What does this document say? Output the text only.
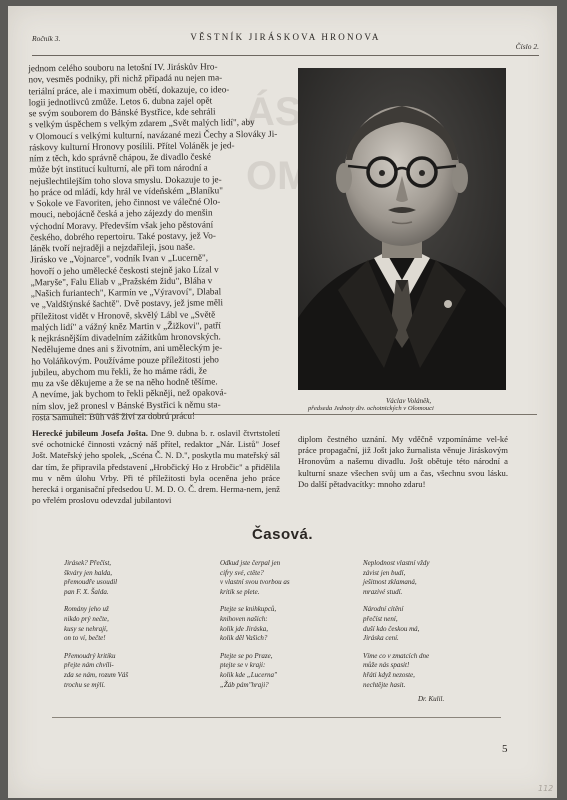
ÁS
OM
Ročník 3.	VĚSTNÍK JIRÁSKOVA HRONOVA
Číslo 2.
jednom celého souboru na letošní IV. Jiráskův Hro-
nov, vesměs podniky, při nichž připadá nu nejen ma-
teriální práce, ale i maximum obětí, dokazuje, co ideo-
logii jednotlivců zmůže. Letos 6. dubna zajel opět
se svým souborem do Bánské Bystřice, kde sehráli
s velkým úspěchem s velkým zdarem „Svět malých lidí", aby
v Olomoucí s velkými kulturní, navázané mezi Čechy a Slováky Ji-
ráskovy kulturní Hronovy posílili. Přítel Voláněk je jed-
ním z těch, kdo správně chápou, že divadlo české
může být institucí kulturní, ale při tom národní a
nejušlechtilejším toho slova smyslu. Dokazuje to je-
ho práce od mládí, kdy hrál ve vídeňském „Blaníku"
v Sokole ve Favoriten, jeho činnost ve válečné Olo-
mouci, nebojácně česká a jeho zájezdy do menšin
východní Moravy. Především však jeho pěstování
českého, dobrého repertoiru. Také postavy, jež Vo-
láněk tvoří nejraději a nejzdařileji, jsou naše.
Jirásko ve „Vojnarce", vodník Ivan v „Lucerně",
hovoří o jeho umělecké českosti stejně jako Lízal v
„Maryše", Falu Eliab v „Pražském židu", Bláha v
„Našich furiantech", Karmín ve „Výravoví", Dlabal
ve „Valdštýnské šachtě". Dvě postavy, jež jsme měli
příležitost vidět v Hronově, skvělý Lábl ve „Světě
malých lidí" a vážný kněz Martin v „Žižkovi", patří
k nejkrásnějším divadelním zážitkům hronovských.
Nedělujeme dnes ani s životním, ani uměleckým je-
ho Voláňkovým. Používáme pouze příležitosti jeho
jubileu, abychom mu řekli, že ho máme rádi, že
mu za vše děkujeme a že se na něho hodně těšíme.
A nevíme, jak bychom to řekli pěkněji, než opaková-
ním slov, jež pronesl v Bánské Bystřici k němu sta-
rosta Samuhel: Bůh váš živí za dobrú prácu!
Václav Voláněk,
předseda Jednoty div. ochotnických v Olomouci
Herecké jubileum Josefa Jošta. Dne 9. dubna b. r. oslavil čtvrtstoletí své ochotnické činnosti vzácný náš přítel, redaktor „Nár. Listů" Josef Jošt. Mateřský jeho spolek, „Scéna Č. N. D.", poskytla mu mateřský sál dar tím, že připravila představení „Hrobčický Ho z Hrobčic" a přidělila mu v něm úlohu Vrby. Při té příležitosti byla oceněna jeho práce herecká i organisační předsedou U. M. D. O. Č. drem. Herma-nem, jenž po vřelém proslovu odevzdal jubilantovi
diplom čestného uznání. My vděčně vzpomínáme vel-ké práce propagační, již Jošt jako žurnalista věnuje Jiráskovým Hronovům a našemu divadlu. Jošt obětuje této národní a kulturní snaze všechen svůj um a čas, všechnu svou lásku. Do další pětadvacítky: mnoho zdaru!
Časová.
Jirásek? Přečíst,
škváry jen halda,
přemoudře usoudil
pan F. X. Šalda.
Romány jeho už
nikdo prý nečte,
kusy se nehrají,
on to ví, bečte!
Přemoudrý kritiku
přejte nám chvíli-
zda se nám, rozum Váš
trochu se mýlí.
Odkud jste čerpal jen
cifry své, ctěte?
v vlastní svou tvorbou as
kritik se plete.
Ptejte se knihkupců,
knihoven našich:
kolik jde Jiráska,
kolik děl Vašich?
Ptejte se po Praze,
ptejte se v kraji:
kolik kde „Lucerna"
„Žáb pám"hraji?
Neplodnost vlastní vždy
závist jen budí,
ješitnost zklamaná,
mrazivé studí.
Národní cítění
přečíst není,
duší kdo českou má,
Jiráska cení.
Víme co v zmatcích dne
může nás spasit!
hřáti když nezoste,
nechtějte hasit.
Dr. Kulil.
5
112
